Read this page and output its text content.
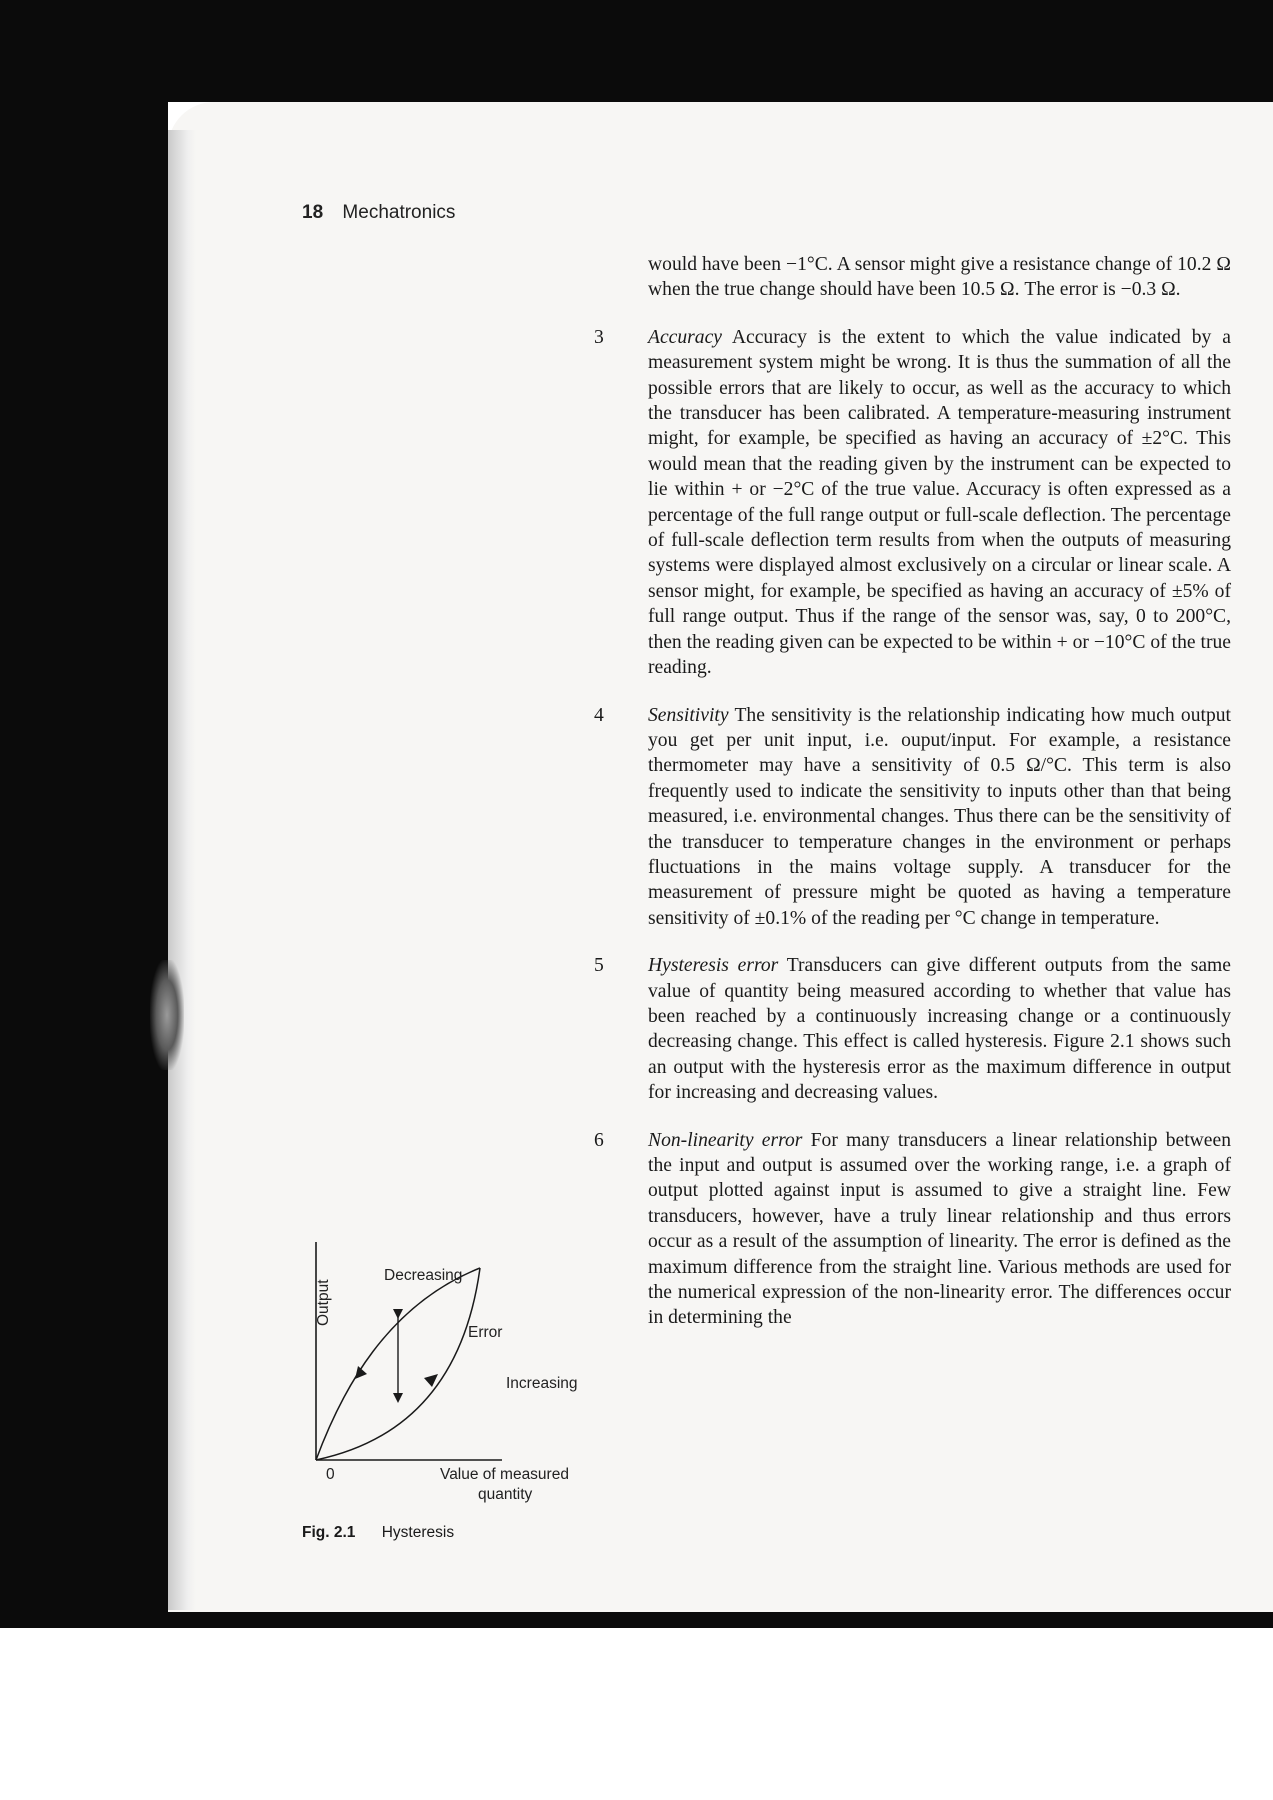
18 Mechatronics

would have been −1°C. A sensor might give a resistance change of 10.2 Ω when the true change should have been 10.5 Ω. The error is −0.3 Ω.

3	Accuracy Accuracy is the extent to which the value indicated by a measurement system might be wrong. It is thus the summation of all the possible errors that are likely to occur, as well as the accuracy to which the transducer has been calibrated. A temperature-measuring instrument might, for example, be specified as having an accuracy of ±2°C. This would mean that the reading given by the instrument can be expected to lie within + or −2°C of the true value. Accuracy is often expressed as a percentage of the full range output or full-scale deflection. The percentage of full-scale deflection term results from when the outputs of measuring systems were displayed almost exclusively on a circular or linear scale. A sensor might, for example, be specified as having an accuracy of ±5% of full range output. Thus if the range of the sensor was, say, 0 to 200°C, then the reading given can be expected to be within + or −10°C of the true reading.
4	Sensitivity The sensitivity is the relationship indicating how much output you get per unit input, i.e. ouput/input. For example, a resistance thermometer may have a sensitivity of 0.5 Ω/°C. This term is also frequently used to indicate the sensitivity to inputs other than that being measured, i.e. environmental changes. Thus there can be the sensitivity of the transducer to temperature changes in the environment or perhaps fluctuations in the mains voltage supply. A transducer for the measurement of pressure might be quoted as having a temperature sensitivity of ±0.1% of the reading per °C change in temperature.
5	Hysteresis error Transducers can give different outputs from the same value of quantity being measured according to whether that value has been reached by a continuously increasing change or a continuously decreasing change. This effect is called hysteresis. Figure 2.1 shows such an output with the hysteresis error as the maximum difference in output for increasing and decreasing values.
6	Non-linearity error For many transducers a linear relationship between the input and output is assumed over the working range, i.e. a graph of output plotted against input is assumed to give a straight line. Few transducers, however, have a truly linear relationship and thus errors occur as a result of the assumption of linearity. The error is defined as the maximum difference from the straight line. Various methods are used for the numerical expression of the non-linearity error. The differences occur in determining the
Output
Decreasing
Error
Increasing
0	Value of measured
quantity
Fig. 2.1 Hysteresis
